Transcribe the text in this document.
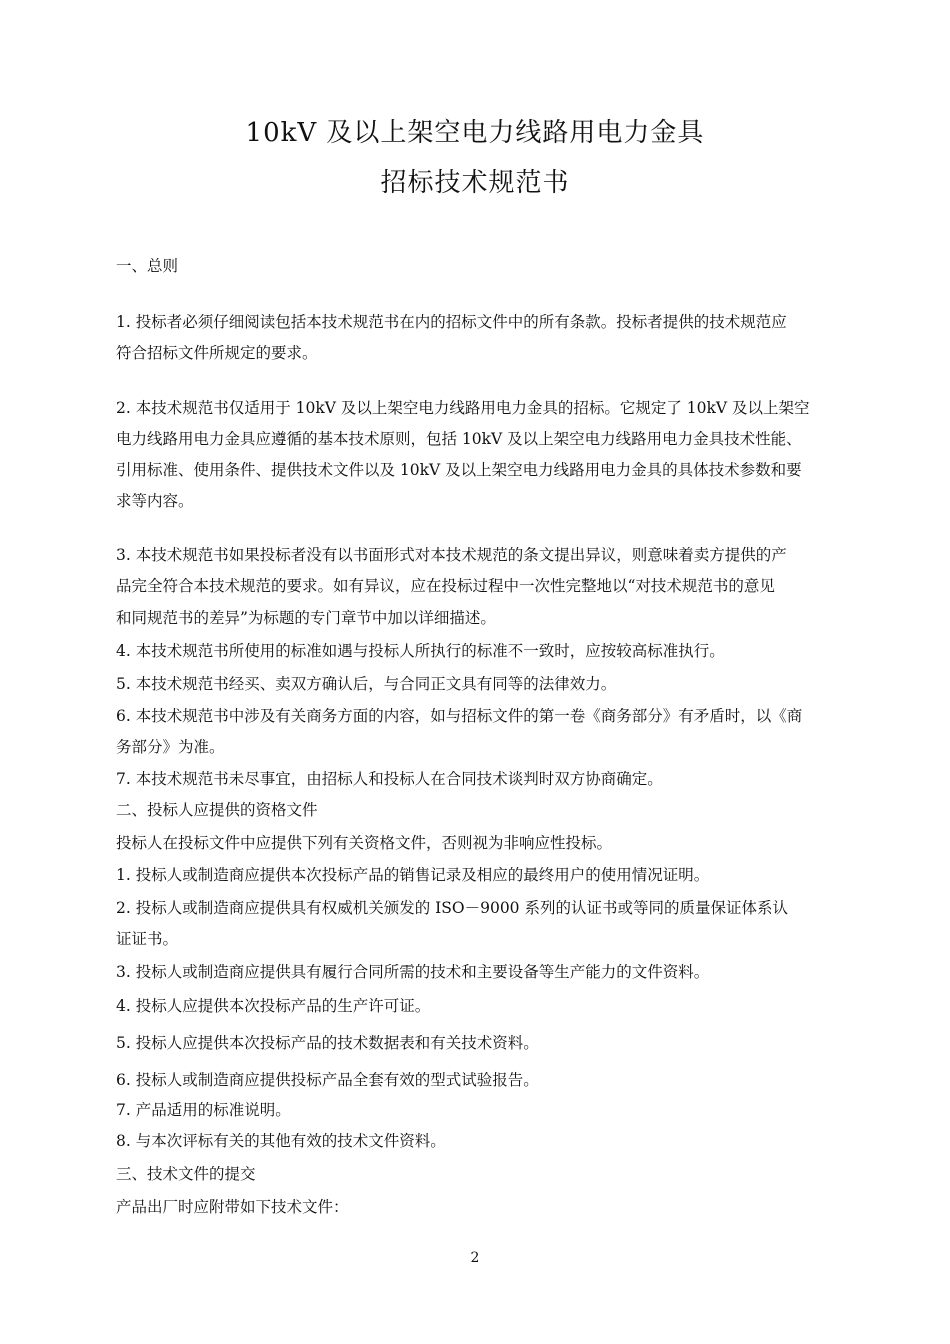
10kV 及以上架空电力线路用电力金具
招标技术规范书
一、总则
1. 投标者必须仔细阅读包括本技术规范书在内的招标文件中的所有条款。投标者提供的技术规范应
符合招标文件所规定的要求。
2. 本技术规范书仅适用于 10kV 及以上架空电力线路用电力金具的招标。它规定了 10kV 及以上架空
电力线路用电力金具应遵循的基本技术原则，包括 10kV 及以上架空电力线路用电力金具技术性能、
引用标准、使用条件、提供技术文件以及 10kV 及以上架空电力线路用电力金具的具体技术参数和要
求等内容。
3. 本技术规范书如果投标者没有以书面形式对本技术规范的条文提出异议，则意味着卖方提供的产
品完全符合本技术规范的要求。如有异议，应在投标过程中一次性完整地以“对技术规范书的意见
和同规范书的差异”为标题的专门章节中加以详细描述。
4. 本技术规范书所使用的标准如遇与投标人所执行的标准不一致时，应按较高标准执行。
5. 本技术规范书经买、卖双方确认后，与合同正文具有同等的法律效力。
6. 本技术规范书中涉及有关商务方面的内容，如与招标文件的第一卷《商务部分》有矛盾时，以《商
务部分》为准。
7. 本技术规范书未尽事宜，由招标人和投标人在合同技术谈判时双方协商确定。
二、投标人应提供的资格文件
投标人在投标文件中应提供下列有关资格文件，否则视为非响应性投标。
1. 投标人或制造商应提供本次投标产品的销售记录及相应的最终用户的使用情况证明。
2. 投标人或制造商应提供具有权威机关颁发的 ISO－9000 系列的认证书或等同的质量保证体系认
证证书。
3. 投标人或制造商应提供具有履行合同所需的技术和主要设备等生产能力的文件资料。
4. 投标人应提供本次投标产品的生产许可证。
5. 投标人应提供本次投标产品的技术数据表和有关技术资料。
6. 投标人或制造商应提供投标产品全套有效的型式试验报告。
7. 产品适用的标准说明。
8. 与本次评标有关的其他有效的技术文件资料。
三、技术文件的提交
产品出厂时应附带如下技术文件：
2
